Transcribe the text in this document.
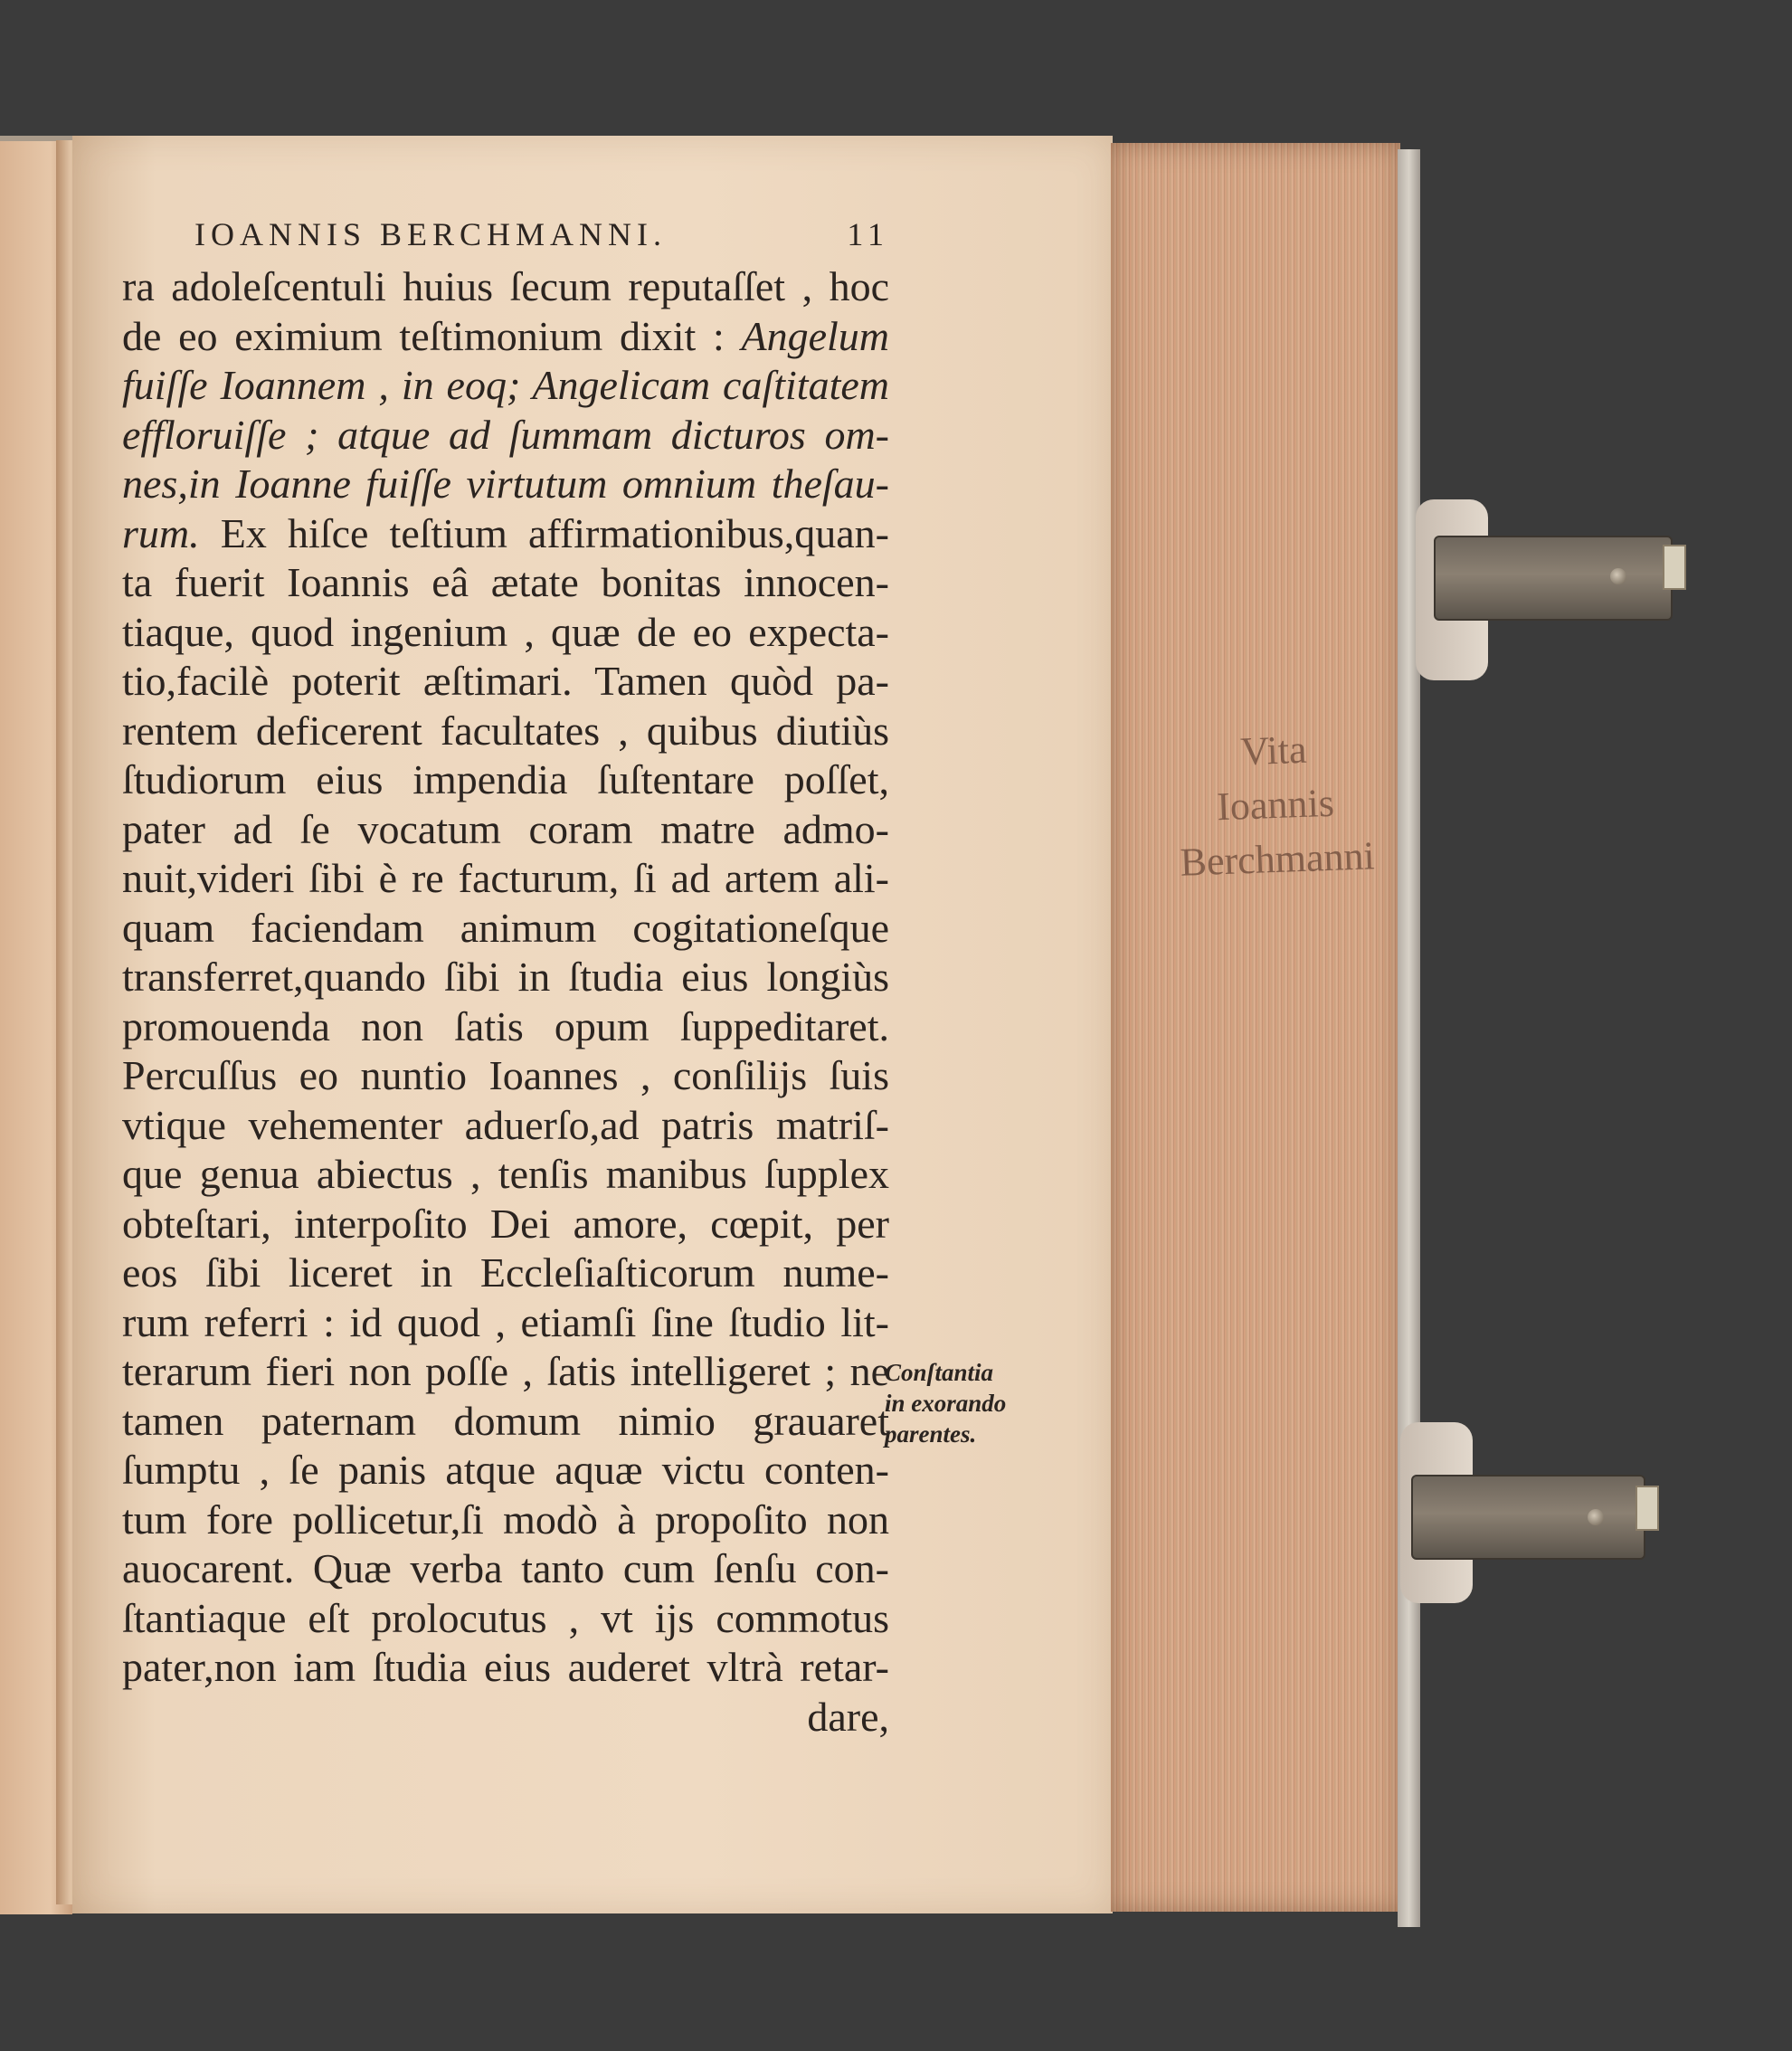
Vita
Ioannis
Berchmanni
IOANNIS BERCHMANNI.	11
ra adoleſcentuli huius ſecum reputaſſet , hoc
de eo eximium teſtimonium dixit : Angelum
fuiſſe Ioannem , in eoq; Angelicam caſtitatem
effloruiſſe ; atque ad ſummam dicturos om-
nes,in Ioanne fuiſſe virtutum omnium theſau-
rum. Ex hiſce teſtium affirmationibus,quan-
ta fuerit Ioannis eâ ætate bonitas innocen-
tiaque, quod ingenium , quæ de eo expecta-
tio,facilè poterit æſtimari. Tamen quòd pa-
rentem deficerent facultates , quibus diutiùs
ſtudiorum eius impendia ſuſtentare poſſet,
pater ad ſe vocatum coram matre admo-
nuit,videri ſibi è re facturum, ſi ad artem ali-
quam faciendam animum cogitationeſque
transferret,quando ſibi in ſtudia eius longiùs
promouenda non ſatis opum ſuppeditaret.
Percuſſus eo nuntio Ioannes , conſilijs ſuis
vtique vehementer aduerſo,ad patris matriſ-
que genua abiectus , tenſis manibus ſupplex
obteſtari, interpoſito Dei amore, cœpit, per
eos ſibi liceret in Eccleſiaſticorum nume-
rum referri : id quod , etiamſi ſine ſtudio lit-
terarum fieri non poſſe , ſatis intelligeret ; ne
tamen paternam domum nimio grauaret
ſumptu , ſe panis atque aquæ victu conten-
tum fore pollicetur,ſi modò à propoſito non
auocarent. Quæ verba tanto cum ſenſu con-
ſtantiaque eſt prolocutus , vt ijs commotus
pater,non iam ſtudia eius auderet vltrà retar-
dare,
Conſtantia
in exorando
parentes.
